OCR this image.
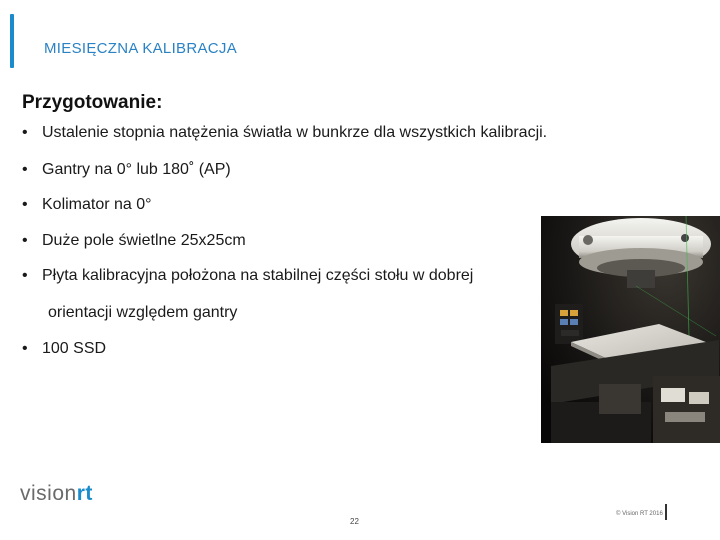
MIESIĘCZNA KALIBRACJA
Przygotowanie:
• Ustalenie stopnia natężenia światła w bunkrze dla wszystkich kalibracji.
• Gantry na 0° lub 180˚ (AP)
• Kolimator na 0°
• Duże pole świetlne 25x25cm
• Płyta kalibracyjna położona na stabilnej części stołu w dobrej
orientacji względem gantry
• 100 SSD
visionrt
22
© Vision RT 2016
